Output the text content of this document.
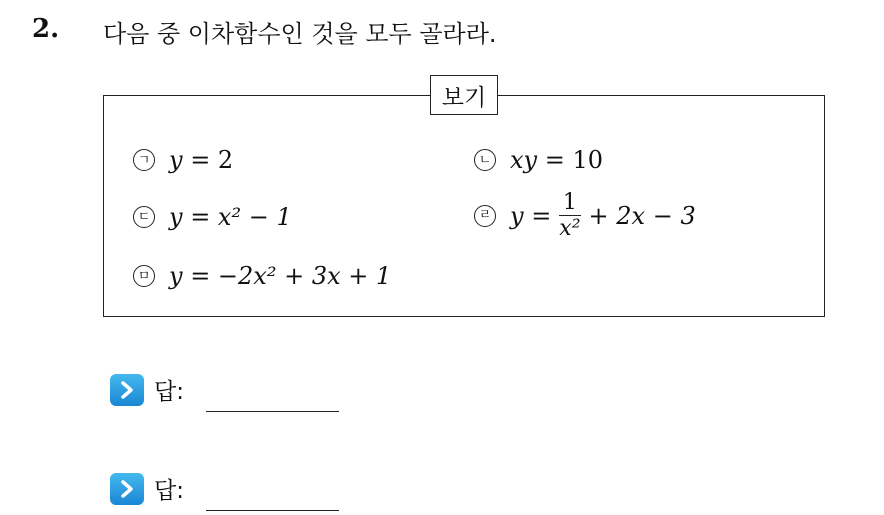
2. 다음 중 이차함수인 것을 모두 골라라.
보기
ㄱ y = 2	ㄴ xy = 10
ㄷ y = x² − 1	ㄹ $y = \frac{1}{\text{x²}} + 2x - 3$
ㅁ y = −2x² + 3x + 1
답:
답:
